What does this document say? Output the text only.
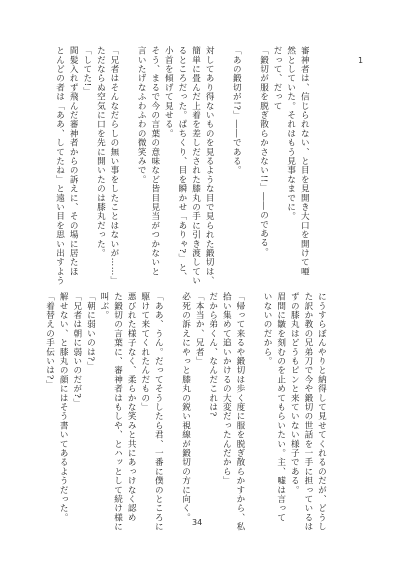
1
審神者は、信じられない、と目を見開き大口を開けて唖
然としていた。それはもう見事なまでに。
だって、だって
「鍛切が服を脱ぎ散らかさない!!」――のである。

「あの鍛切が!?」――である。

対してあり得ないものを見るような目で見られた鍛切は、
簡単に畳んだ上着を差しだされた膝丸の手に引き渡してい
るところだった。ぱちくり、目を瞬かせ「ありゃ?」と、
小首を傾げて見せる。
そう、まるで今の言葉の意味など皆目見当がつかないと
言いたげなふわふわの微笑みで。

「兄者はそんなだらしの無い事をしたことはないが……」
ただならぬ空気に口を先に開いたのは膝丸だった。
「してた!」
間髪入れず飛んだ審神者からの訴えに、その場に居たほ
とんどの者は「ああ、してたね」と遠い目を思い出すよう
にうすらぼんやりと納得して見せてくれるのだが、どうし
た訳か教の兄弟刀で今や鍛切の世話を一手に担っているは
ずの膝丸はどうもピンと来ていない様子である。
眉間に皺を刻むのを止めてもらいたい。主、嘘は言って
いないのだから。

「帰って来るや鍛切は歩く度に服を脱ぎ散らかすから、私
拾い集めて追いかけるの大変だったんだから」
だから弟くん、なんだこれは?
「本当か、兄者」
必死の訴えにやっと膝丸の鋭い視線が鍛切の方に向く。

「ああ、うん。だってそうしたら君、一番に僕のところに
駆けて来てくれたんだもの」
悪びれた様子なく、柔らかな笑みと共にあっけなく認め
た鍛切の言葉に、審神者はもしや、とハッとして続け様に
叫ぶ。
「朝に弱いのは?」
「兄者は朝に弱いのだが?」
解せない、と膝丸の顔にはそう書いてあるようだった。
「着替えの手伝いは?」
34
